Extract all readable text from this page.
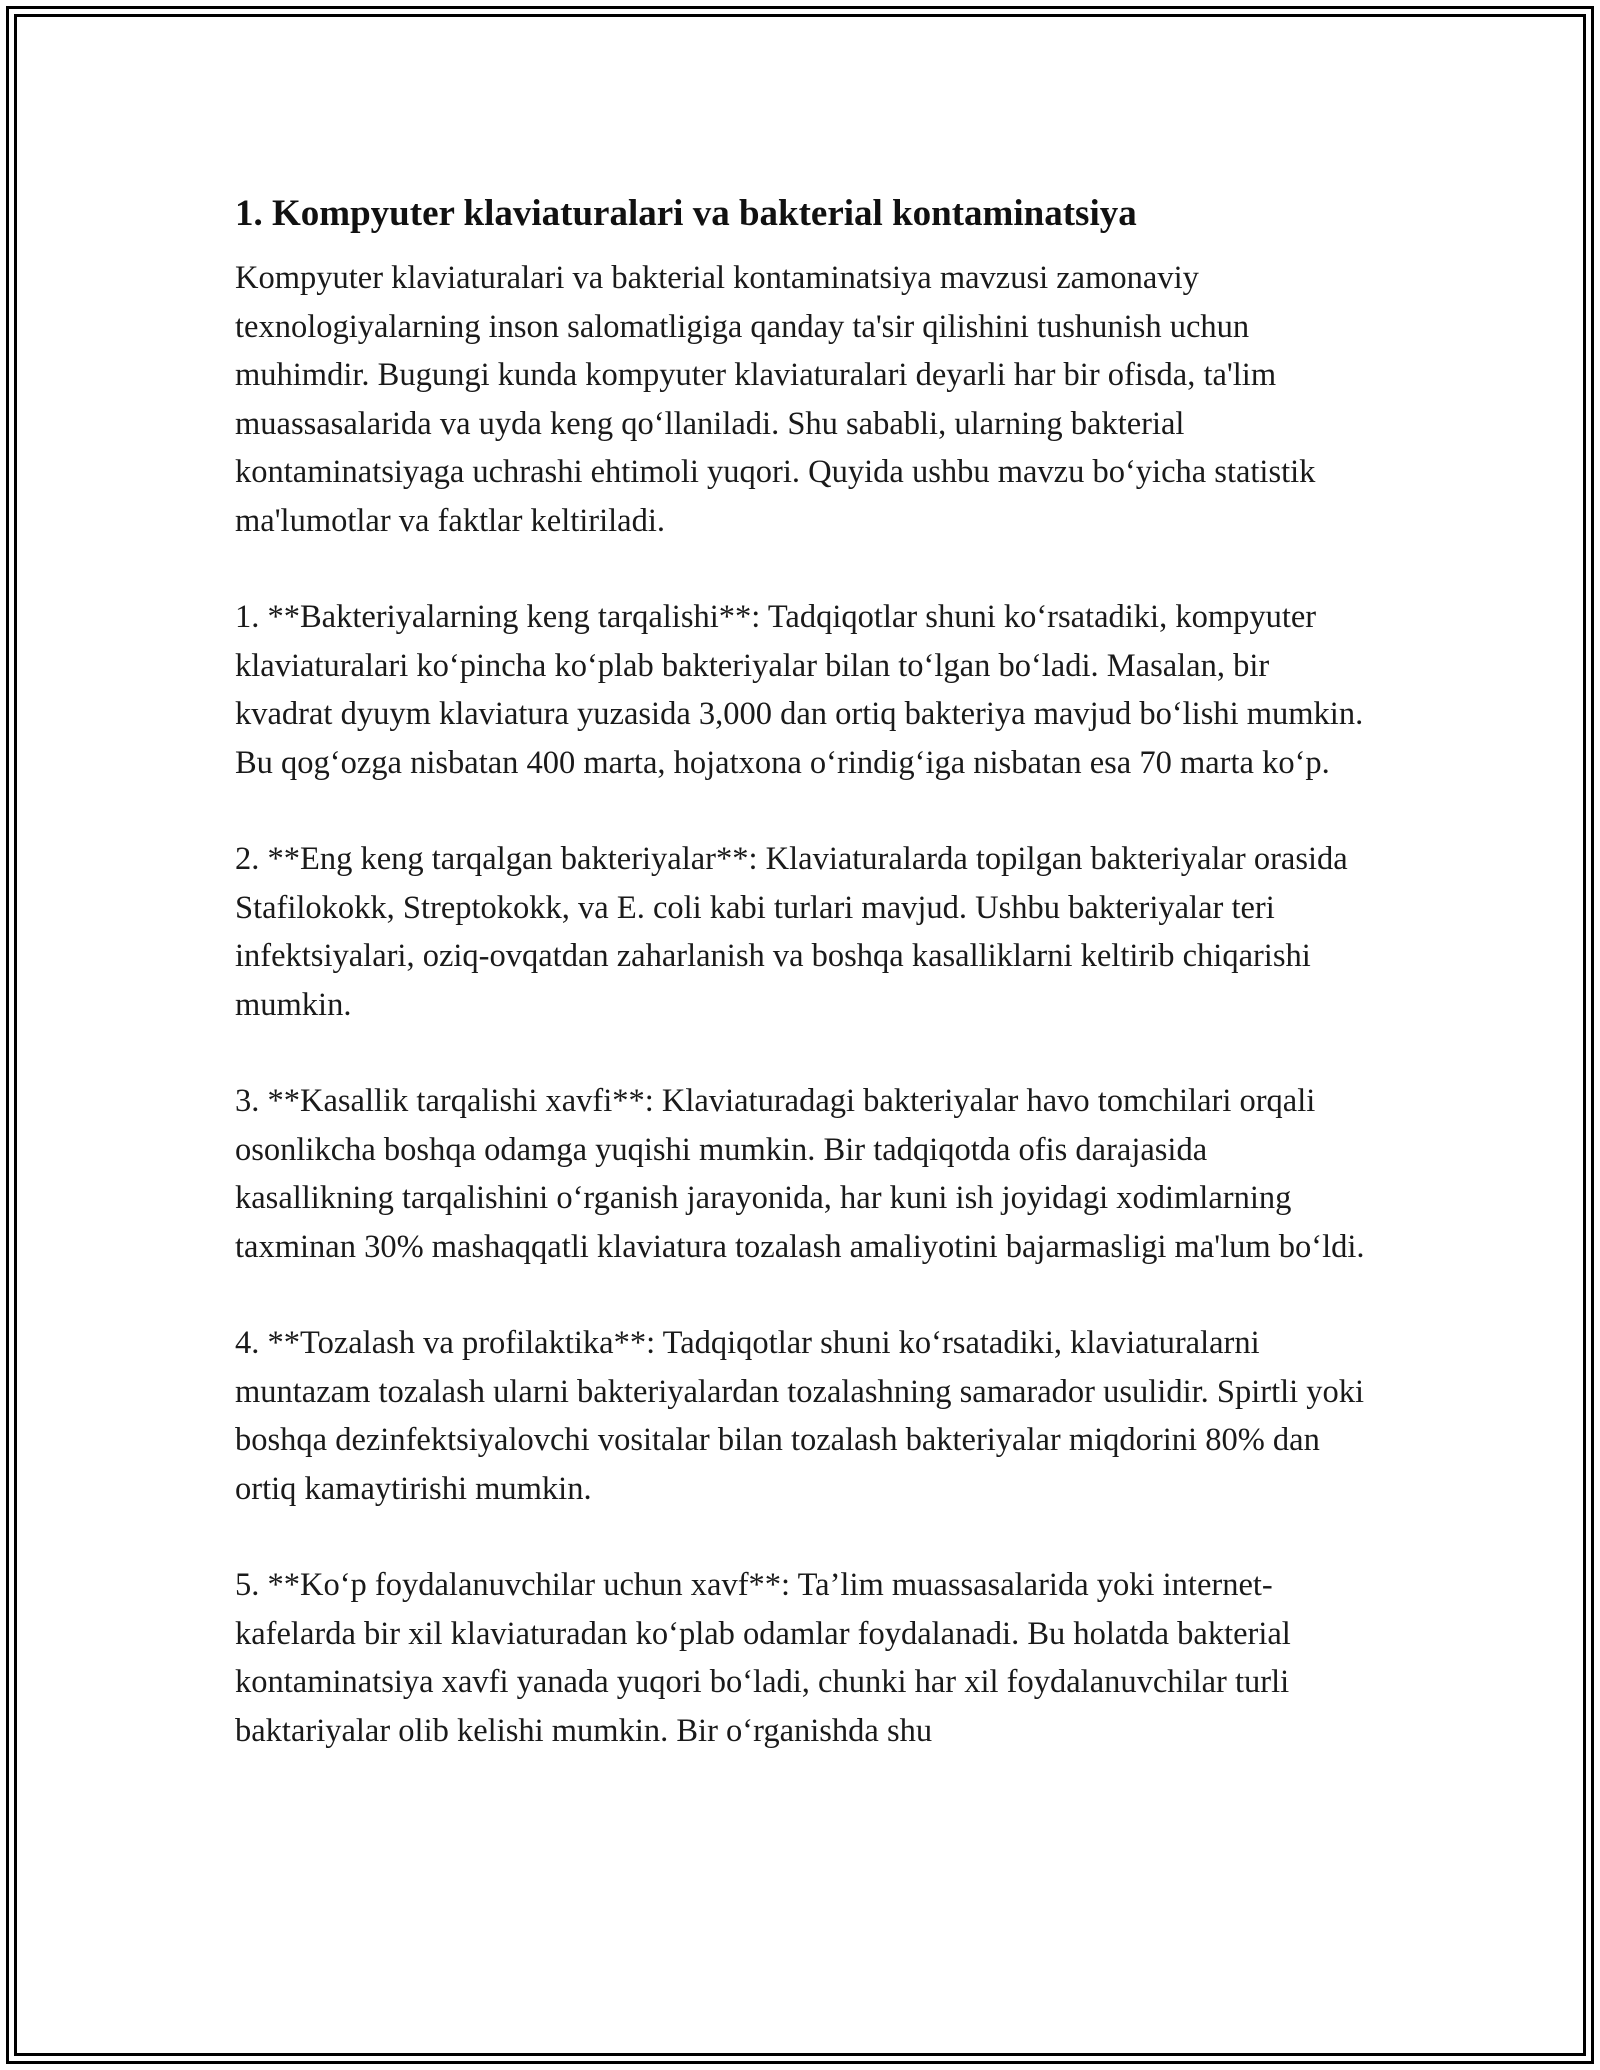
1. Kompyuter klaviaturalari va bakterial kontaminatsiya

Kompyuter klaviaturalari va bakterial kontaminatsiya mavzusi zamonaviy texnologiyalarning inson salomatligiga qanday ta'sir qilishini tushunish uchun muhimdir. Bugungi kunda kompyuter klaviaturalari deyarli har bir ofisda, ta'lim muassasalarida va uyda keng qo‘llaniladi. Shu sababli, ularning bakterial kontaminatsiyaga uchrashi ehtimoli yuqori. Quyida ushbu mavzu bo‘yicha statistik ma'lumotlar va faktlar keltiriladi.

1. **Bakteriyalarning keng tarqalishi**: Tadqiqotlar shuni ko‘rsatadiki, kompyuter klaviaturalari ko‘pincha ko‘plab bakteriyalar bilan to‘lgan bo‘ladi. Masalan, bir kvadrat dyuym klaviatura yuzasida 3,000 dan ortiq bakteriya mavjud bo‘lishi mumkin. Bu qog‘ozga nisbatan 400 marta, hojatxona o‘rindig‘iga nisbatan esa 70 marta ko‘p.

2. **Eng keng tarqalgan bakteriyalar**: Klaviaturalarda topilgan bakteriyalar orasida Stafilokokk, Streptokokk, va E. coli kabi turlari mavjud. Ushbu bakteriyalar teri infektsiyalari, oziq-ovqatdan zaharlanish va boshqa kasalliklarni keltirib chiqarishi mumkin.

3. **Kasallik tarqalishi xavfi**: Klaviaturadagi bakteriyalar havo tomchilari orqali osonlikcha boshqa odamga yuqishi mumkin. Bir tadqiqotda ofis darajasida kasallikning tarqalishini o‘rganish jarayonida, har kuni ish joyidagi xodimlarning taxminan 30% mashaqqatli klaviatura tozalash amaliyotini bajarmasligi ma'lum bo‘ldi.

4. **Tozalash va profilaktika**: Tadqiqotlar shuni ko‘rsatadiki, klaviaturalarni muntazam tozalash ularni bakteriyalardan tozalashning samarador usulidir. Spirtli yoki boshqa dezinfektsiyalovchi vositalar bilan tozalash bakteriyalar miqdorini 80% dan ortiq kamaytirishi mumkin.

5. **Ko‘p foydalanuvchilar uchun xavf**: Ta’lim muassasalarida yoki internet-kafelarda bir xil klaviaturadan ko‘plab odamlar foydalanadi. Bu holatda bakterial kontaminatsiya xavfi yanada yuqori bo‘ladi, chunki har xil foydalanuvchilar turli baktariyalar olib kelishi mumkin. Bir o‘rganishda shu
